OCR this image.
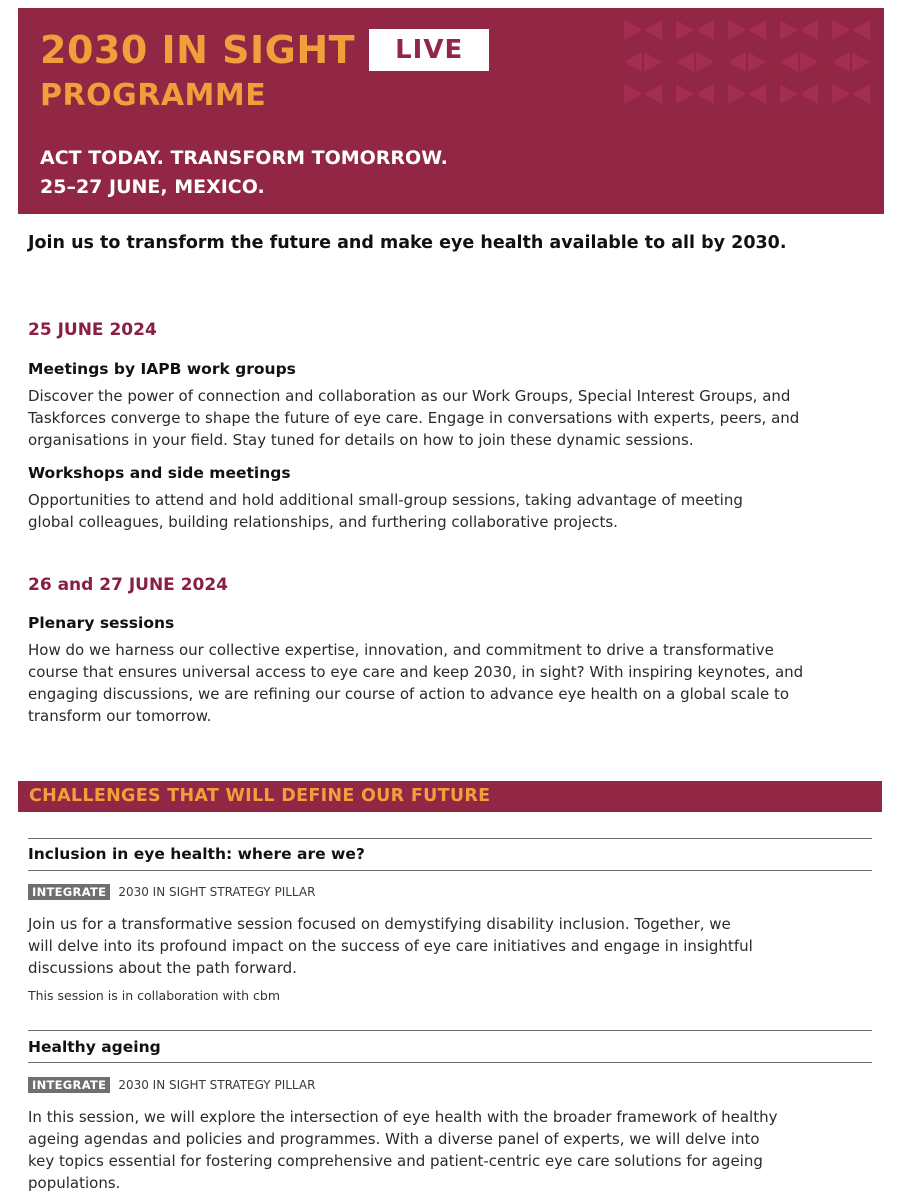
2030 IN SIGHT	LIVE
PROGRAMME
ACT TODAY. TRANSFORM TOMORROW.
25–27 JUNE, MEXICO.
Join us to transform the future and make eye health available to all by 2030.

25 JUNE 2024

Meetings by IAPB work groups

Discover the power of connection and collaboration as our Work Groups, Special Interest Groups, and

Taskforces converge to shape the future of eye care. Engage in conversations with experts, peers, and

organisations in your field. Stay tuned for details on how to join these dynamic sessions.

Workshops and side meetings

Opportunities to attend and hold additional small-group sessions, taking advantage of meeting

global colleagues, building relationships, and furthering collaborative projects.

26 and 27 JUNE 2024

Plenary sessions

How do we harness our collective expertise, innovation, and commitment to drive a transformative

course that ensures universal access to eye care and keep 2030, in sight? With inspiring keynotes, and

engaging discussions, we are refining our course of action to advance eye health on a global scale to

transform our tomorrow.

CHALLENGES THAT WILL DEFINE OUR FUTURE

Inclusion in eye health: where are we?

INTEGRATE	2030 IN SIGHT STRATEGY PILLAR

Join us for a transformative session focused on demystifying disability inclusion. Together, we

will delve into its profound impact on the success of eye care initiatives and engage in insightful

discussions about the path forward.

This session is in collaboration with cbm

Healthy ageing

INTEGRATE	2030 IN SIGHT STRATEGY PILLAR

In this session, we will explore the intersection of eye health with the broader framework of healthy

ageing agendas and policies and programmes. With a diverse panel of experts, we will delve into

key topics essential for fostering comprehensive and patient-centric eye care solutions for ageing

populations.
